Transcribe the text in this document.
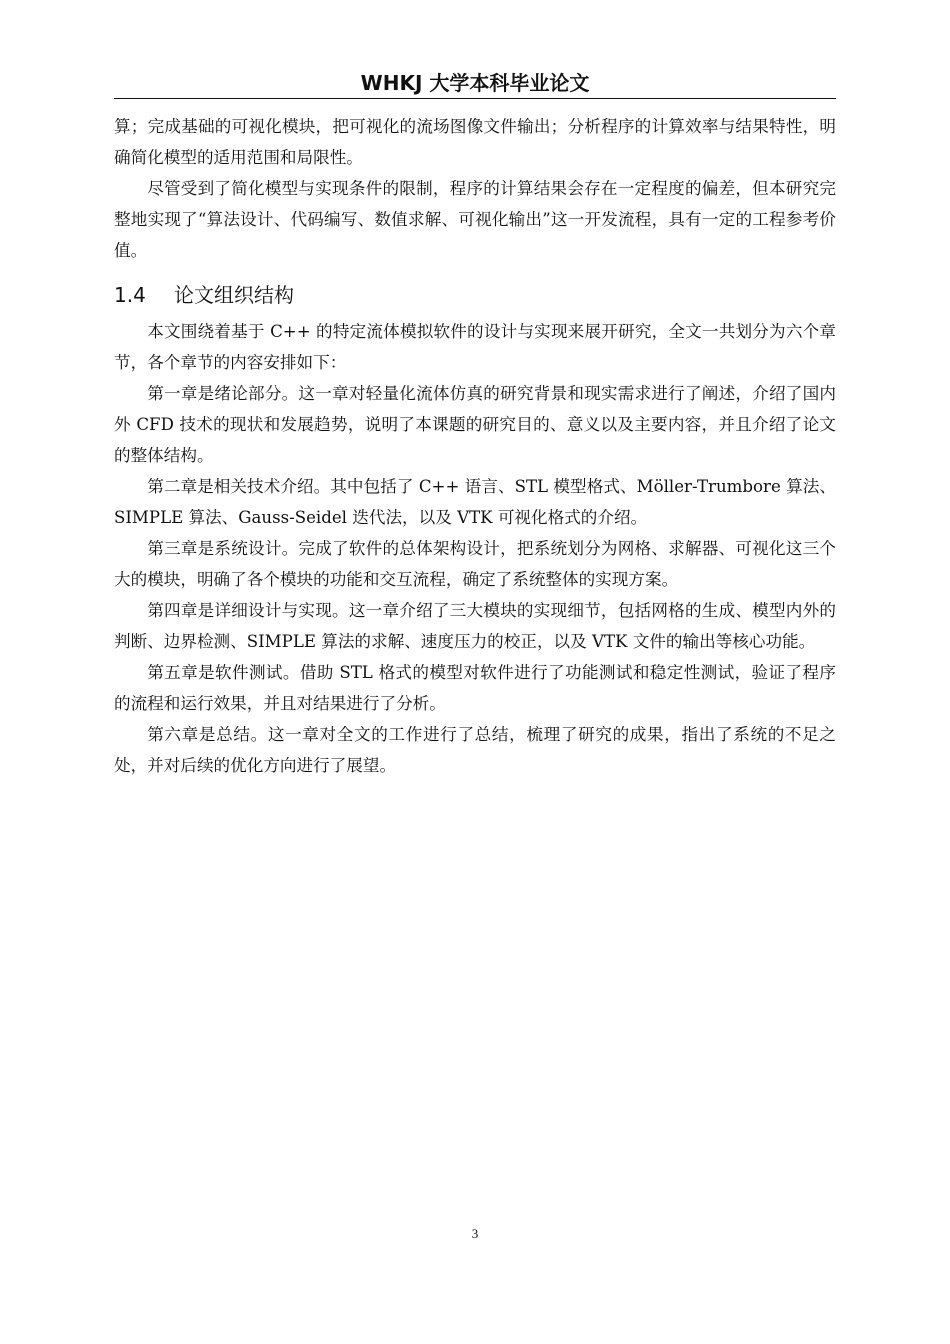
WHKJ 大学本科毕业论文

算；完成基础的可视化模块，把可视化的流场图像文件输出；分析程序的计算效率与结果特性，明确简化模型的适用范围和局限性。

尽管受到了简化模型与实现条件的限制，程序的计算结果会存在一定程度的偏差，但本研究完整地实现了“算法设计、代码编写、数值求解、可视化输出”这一开发流程，具有一定的工程参考价值。

1.4	论文组织结构

本文围绕着基于 C++ 的特定流体模拟软件的设计与实现来展开研究，全文一共划分为六个章节，各个章节的内容安排如下：

第一章是绪论部分。这一章对轻量化流体仿真的研究背景和现实需求进行了阐述，介绍了国内外 CFD 技术的现状和发展趋势，说明了本课题的研究目的、意义以及主要内容，并且介绍了论文的整体结构。

第二章是相关技术介绍。其中包括了 C++ 语言、STL 模型格式、Möller-Trumbore 算法、SIMPLE 算法、Gauss-Seidel 迭代法，以及 VTK 可视化格式的介绍。

第三章是系统设计。完成了软件的总体架构设计，把系统划分为网格、求解器、可视化这三个大的模块，明确了各个模块的功能和交互流程，确定了系统整体的实现方案。

第四章是详细设计与实现。这一章介绍了三大模块的实现细节，包括网格的生成、模型内外的判断、边界检测、SIMPLE 算法的求解、速度压力的校正，以及 VTK 文件的输出等核心功能。

第五章是软件测试。借助 STL 格式的模型对软件进行了功能测试和稳定性测试，验证了程序的流程和运行效果，并且对结果进行了分析。

第六章是总结。这一章对全文的工作进行了总结，梳理了研究的成果，指出了系统的不足之处，并对后续的优化方向进行了展望。

3
